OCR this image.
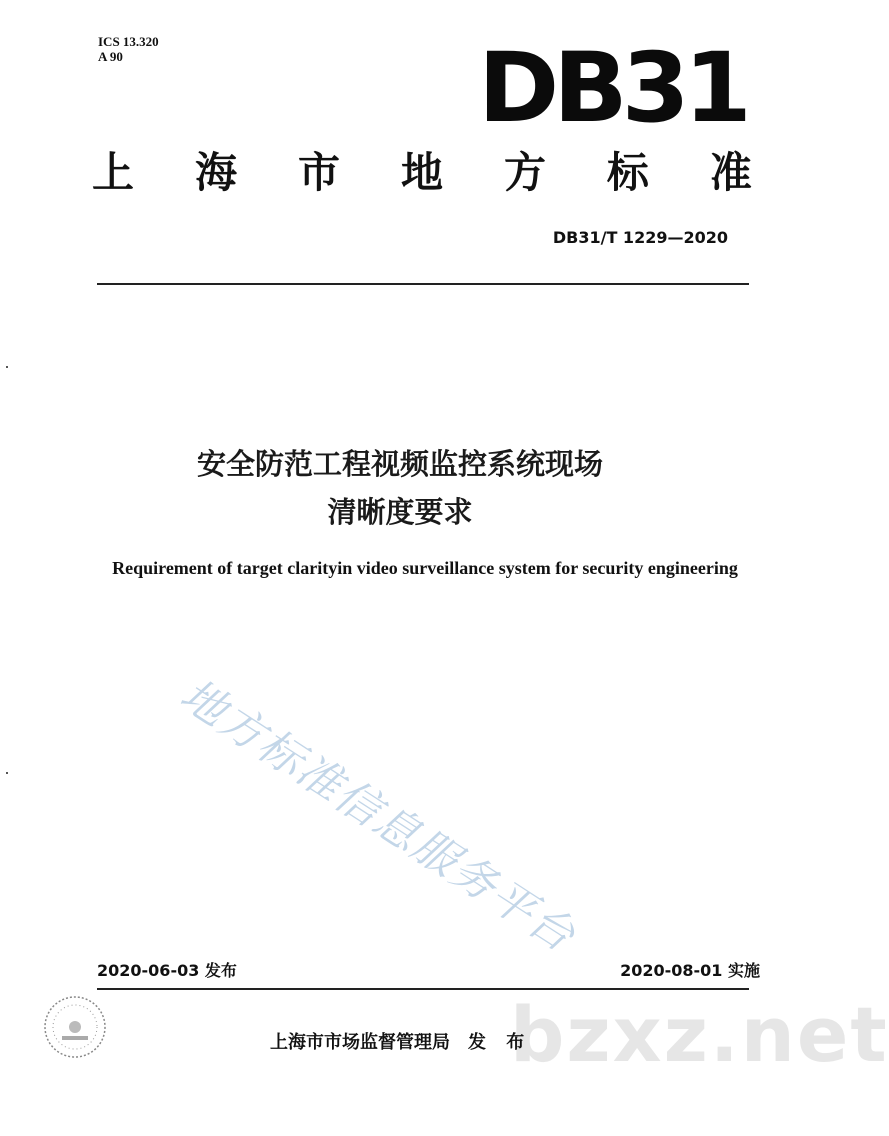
ICS 13.320
A 90	DB31
上 海 市 地 方 标 准
DB31/T 1229—2020
安全防范工程视频监控系统现场
清晰度要求
Requirement of target clarityin video surveillance system for security engineering
地方标准信息服务平台
2020-06-03 发布	2020-08-01 实施
bzxz.net
上海市市场监督管理局　发 布
